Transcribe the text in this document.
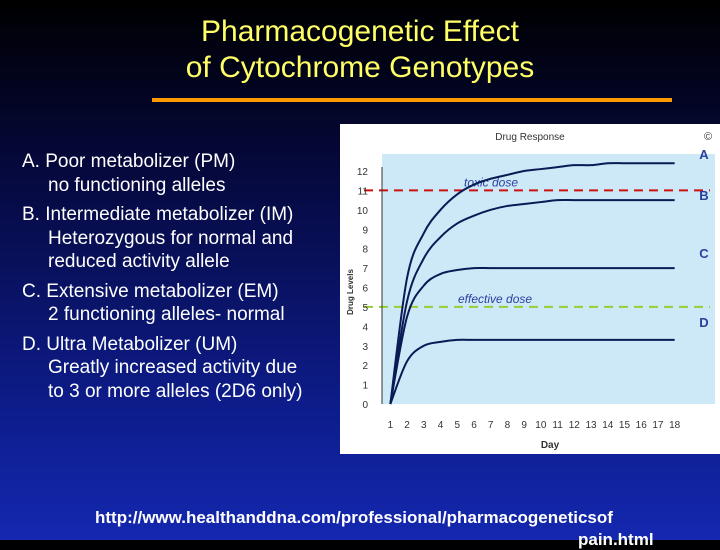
Pharmacogenetic Effect
of Cytochrome Genotypes
A. Poor metabolizer (PM)
no functioning alleles
B. Intermediate metabolizer (IM)
Heterozygous for normal and
reduced activity allele
C. Extensive metabolizer (EM)
2 functioning alleles- normal
D. Ultra Metabolizer (UM)
Greatly increased activity due
to 3 or more alleles (2D6 only)
Drug Response	©
toxic dose
effective dose
0
1
2
3
4
5
6
7
8
9
10
11
12
1 2 3 4 5 6 7 8 9 10 11 12 13 14 15 16 17 18
A
B
C
D
Day
Drug Levels
http://www.healthanddna.com/professional/pharmacogeneticsof
pain.html
